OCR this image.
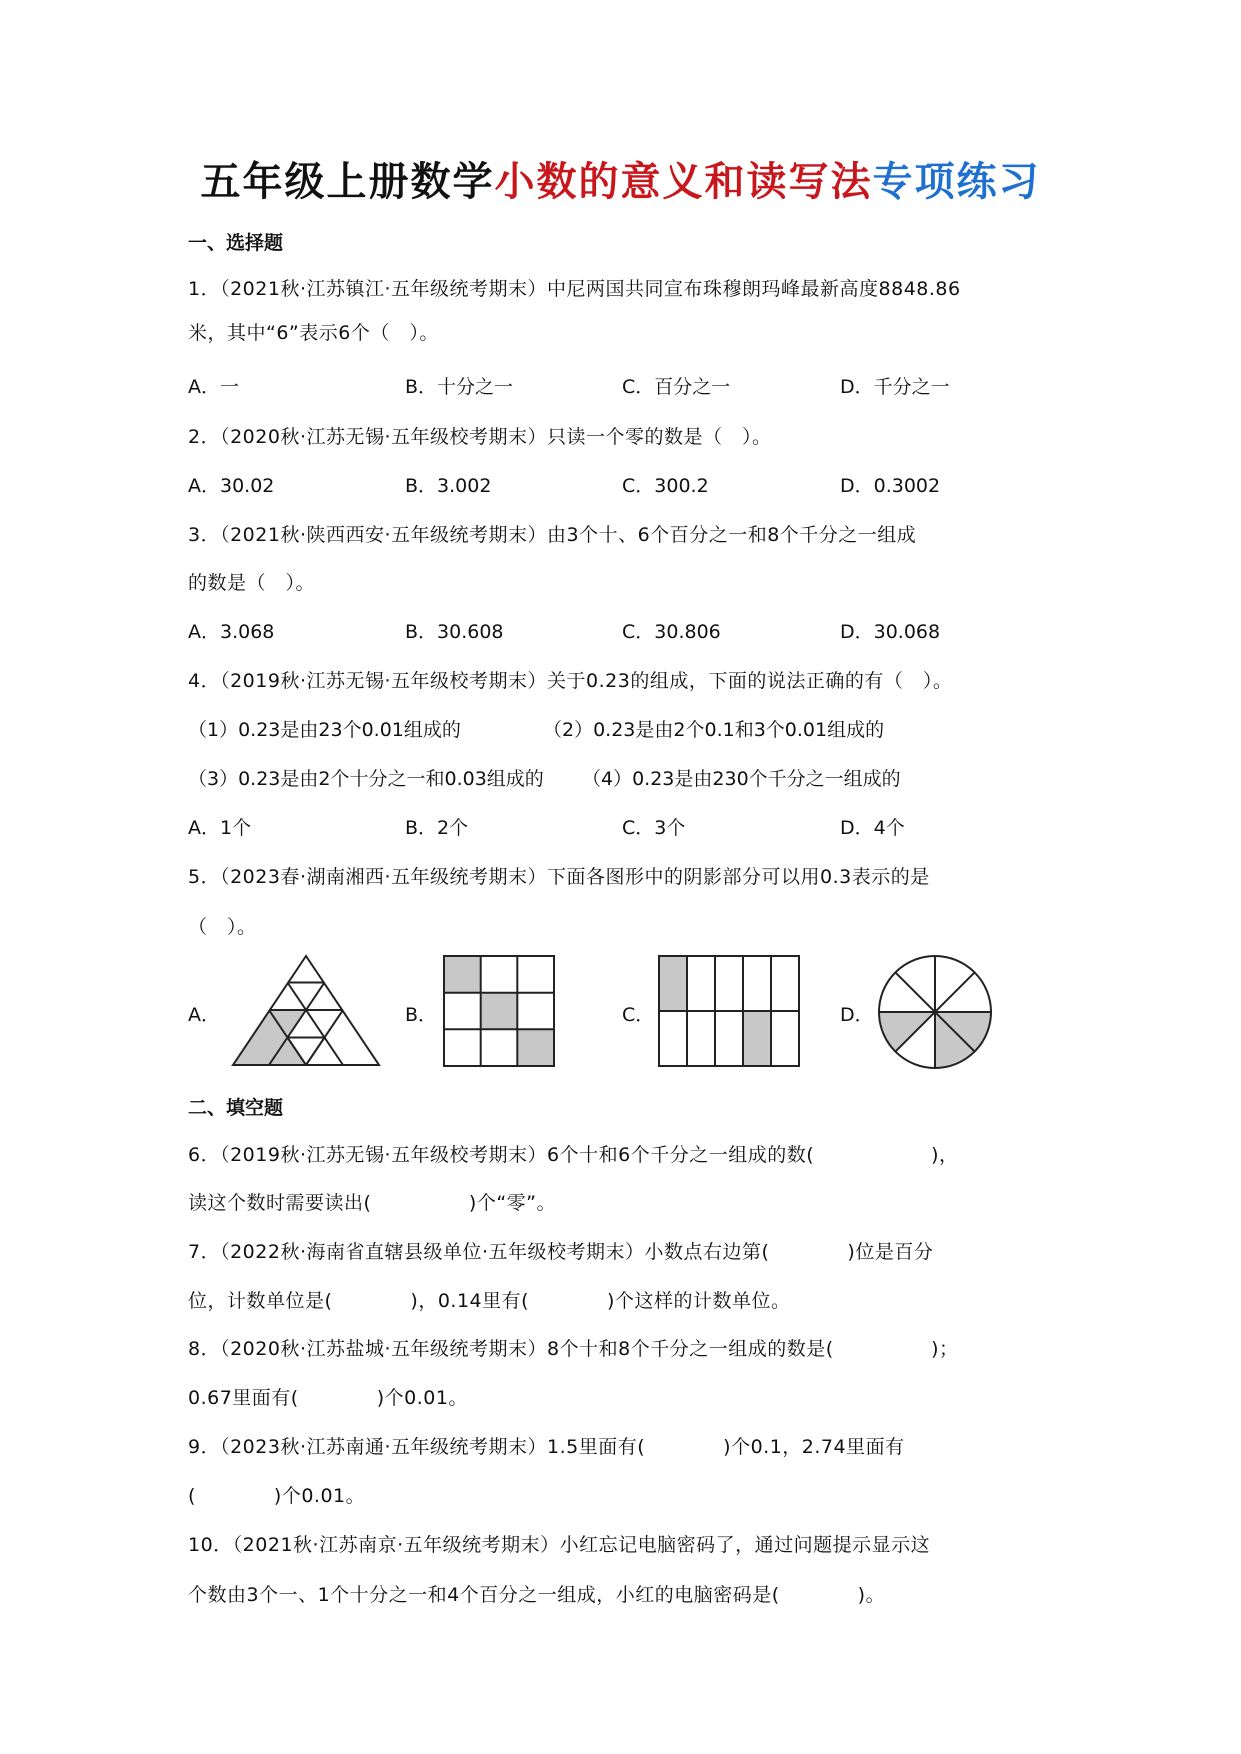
五年级上册数学小数的意义和读写法专项练习
一、选择题
1．（2021秋·江苏镇江·五年级统考期末）中尼两国共同宣布珠穆朗玛峰最新高度8848.86
米，其中“6”表示6个（　）。
A．一	B．十分之一	C．百分之一	D．千分之一
2．（2020秋·江苏无锡·五年级校考期末）只读一个零的数是（　）。
A．30.02	B．3.002	C．300.2	D．0.3002
3．（2021秋·陕西西安·五年级统考期末）由3个十、6个百分之一和8个千分之一组成
的数是（　）。
A．3.068	B．30.608	C．30.806	D．30.068
4．（2019秋·江苏无锡·五年级校考期末）关于0.23的组成，下面的说法正确的有（　）。
（1）0.23是由23个0.01组成的	（2）0.23是由2个0.1和3个0.01组成的
（3）0.23是由2个十分之一和0.03组成的 （4）0.23是由230个千分之一组成的
A．1个	B．2个	C．3个	D．4个
5．（2023春·湖南湘西·五年级统考期末）下面各图形中的阴影部分可以用0.3表示的是
（　）。
A．	B．	C．	D．
二、填空题
6．（2019秋·江苏无锡·五年级校考期末）6个十和6个千分之一组成的数(　　　　　　)，
读这个数时需要读出(　　　　　)个“零”。
7．（2022秋·海南省直辖县级单位·五年级校考期末）小数点右边第(　　　　)位是百分
位，计数单位是(　　　　)，0.14里有(　　　　)个这样的计数单位。
8．（2020秋·江苏盐城·五年级统考期末）8个十和8个千分之一组成的数是(　　　　　)；
0.67里面有(　　　　)个0.01。
9．（2023秋·江苏南通·五年级统考期末）1.5里面有(　　　　)个0.1，2.74里面有
(　　　　)个0.01。
10．（2021秋·江苏南京·五年级统考期末）小红忘记电脑密码了，通过问题提示显示这
个数由3个一、1个十分之一和4个百分之一组成，小红的电脑密码是(　　　　)。
